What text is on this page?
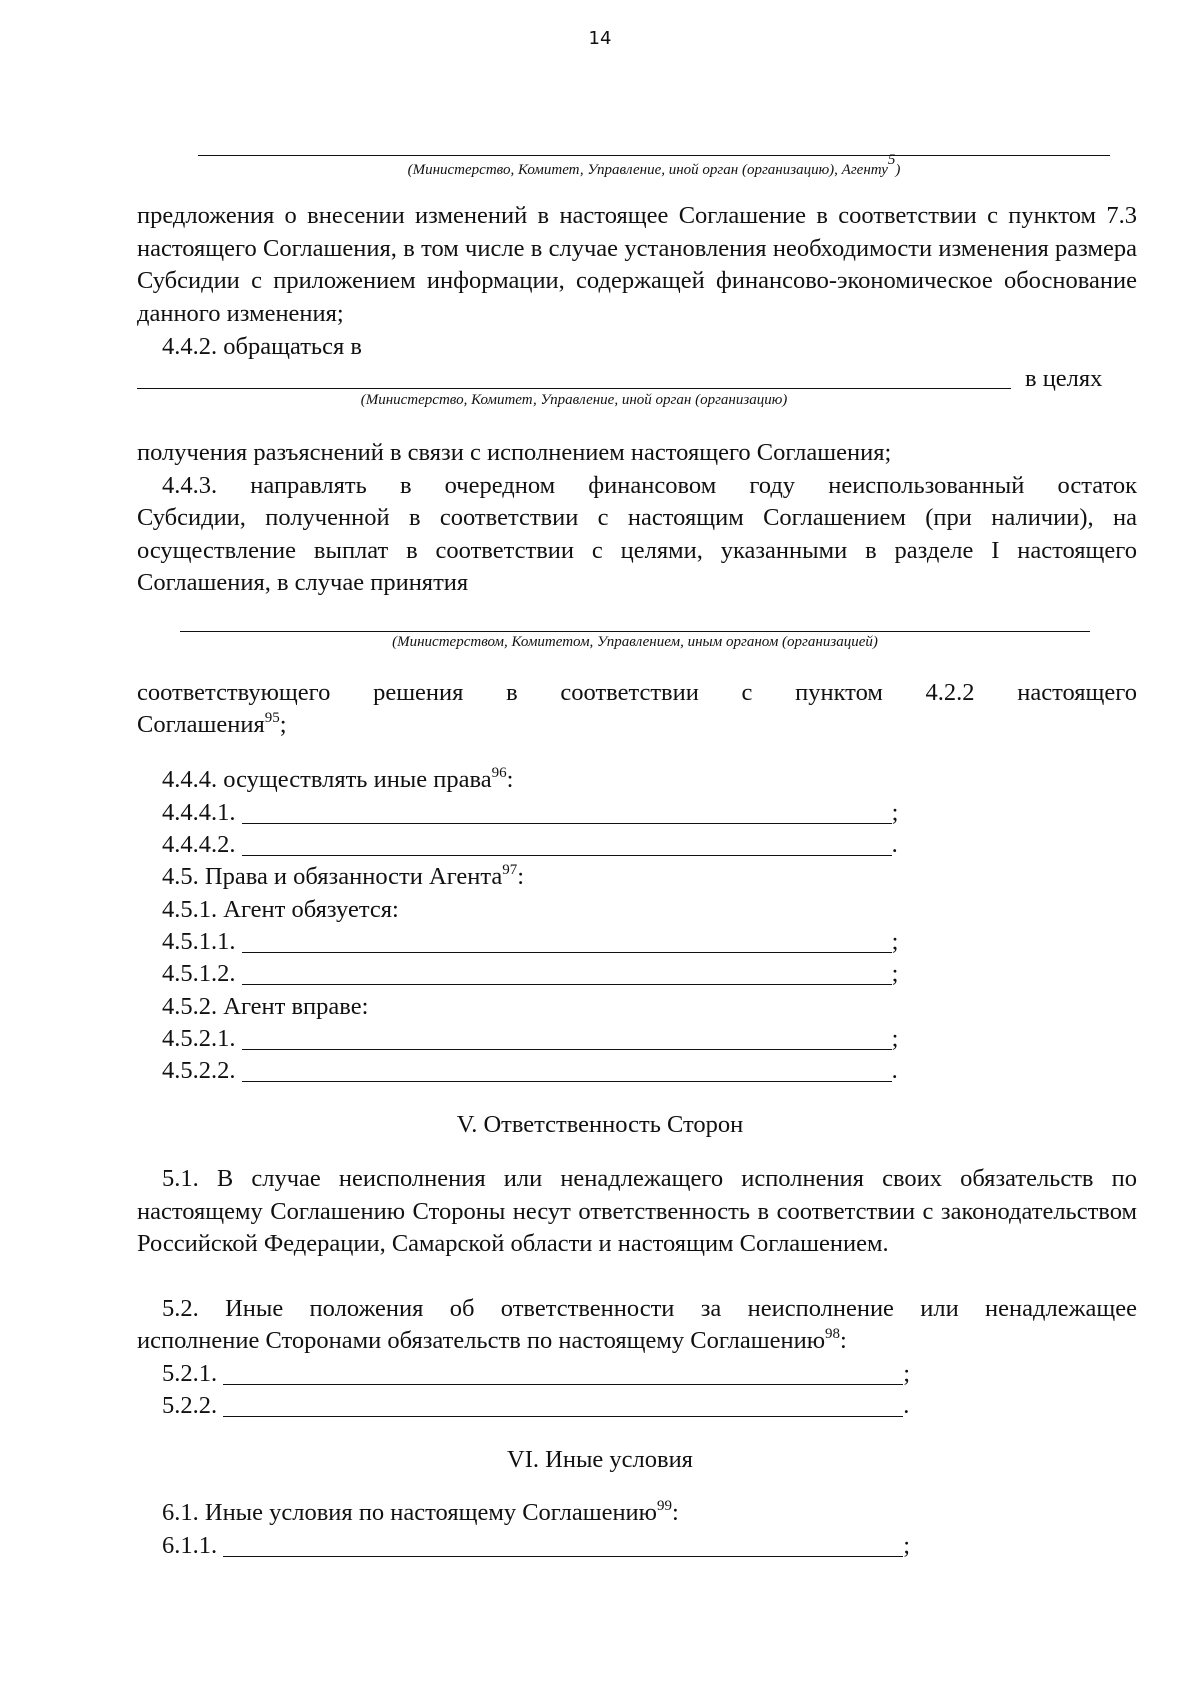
14
(Министерство, Комитет, Управление, иной орган (организацию), Агенту$^5$)
предложения о внесении изменений в настоящее Соглашение в соответствии с пунктом 7.3 настоящего Соглашения, в том числе в случае установления необходимости изменения размера Субсидии с приложением информации, содержащей финансово-экономическое обоснование данного изменения;
4.4.2. обращаться в
в целях
(Министерство, Комитет, Управление, иной орган (организацию)
получения разъяснений в связи с исполнением настоящего Соглашения;
4.4.3. направлять в очередном финансовом году неиспользованный остаток
Субсидии, полученной в соответствии с настоящим Соглашением (при наличии), на осуществление выплат в соответствии с целями, указанными в разделе I настоящего Соглашения, в случае принятия
(Министерством, Комитетом, Управлением, иным органом (организацией)
соответствующего решения в соответствии с пунктом 4.2.2 настоящего
Соглашения$^{95}$;
4.4.4. осуществлять иные права$^{96}$:
4.4.4.1.	;
4.4.4.2.	.
4.5. Права и обязанности Агента$^{97}$:
4.5.1. Агент обязуется:
4.5.1.1.	;
4.5.1.2.	;
4.5.2. Агент вправе:
4.5.2.1.	;
4.5.2.2.	.
V. Ответственность Сторон
5.1. В случае неисполнения или ненадлежащего исполнения своих обязательств по настоящему Соглашению Стороны несут ответственность в соответствии с законодательством Российской Федерации, Самарской области и настоящим Соглашением.
5.2. Иные положения об ответственности за неисполнение или ненадлежащее
исполнение Сторонами обязательств по настоящему Соглашению$^{98}$:
5.2.1.	;
5.2.2.	.
VI. Иные условия
6.1. Иные условия по настоящему Соглашению$^{99}$:
6.1.1.	;
